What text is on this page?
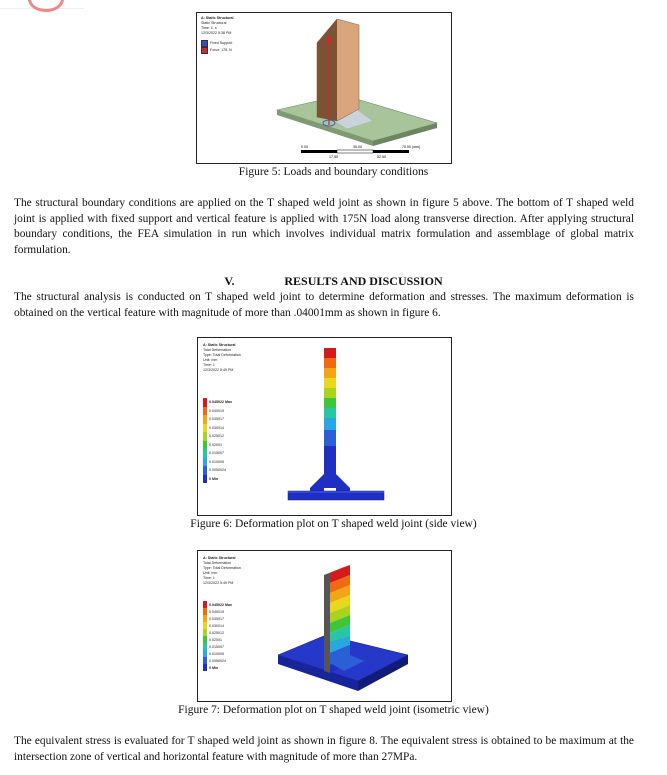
A: Static Structural
Static Structural
Time: 1. s
12/3/2022 5:38 PM
Fixed Support
Force: 175. N
0.00	35.00	70.00 (mm)
17.50	52.50
Figure 5: Loads and boundary conditions
The structural boundary conditions are applied on the T shaped weld joint as shown in figure 5 above. The bottom of T shaped weld joint is applied with fixed support and vertical feature is applied with 175N load along transverse direction. After applying structural boundary conditions, the FEA simulation in run which involves individual matrix formulation and assemblage of global matrix formulation.
V.	RESULTS AND DISCUSSION
The structural analysis is conducted on T shaped weld joint to determine deformation and stresses. The maximum deformation is obtained on the vertical feature with magnitude of more than .04001mm as shown in figure 6.
A: Static Structural
Total Deformation
Type: Total Deformation
Unit: mm
Time: 1
12/3/2022 5:49 PM
0.045022 Max
0.040019
0.035017
0.030014
0.025012
0.02001
0.015007
0.010005
0.0050024
0 Min
Figure 6: Deformation plot on T shaped weld joint (side view)
A: Static Structural
Total Deformation
Type: Total Deformation
Unit: mm
Time: 1
12/3/2022 5:49 PM
0.045022 Max
0.040019
0.035017
0.030014
0.025012
0.02001
0.015007
0.010005
0.0050024
0 Min
Figure 7: Deformation plot on T shaped weld joint (isometric view)
The equivalent stress is evaluated for T shaped weld joint as shown in figure 8. The equivalent stress is obtained to be maximum at the intersection zone of vertical and horizontal feature with magnitude of more than 27MPa.
